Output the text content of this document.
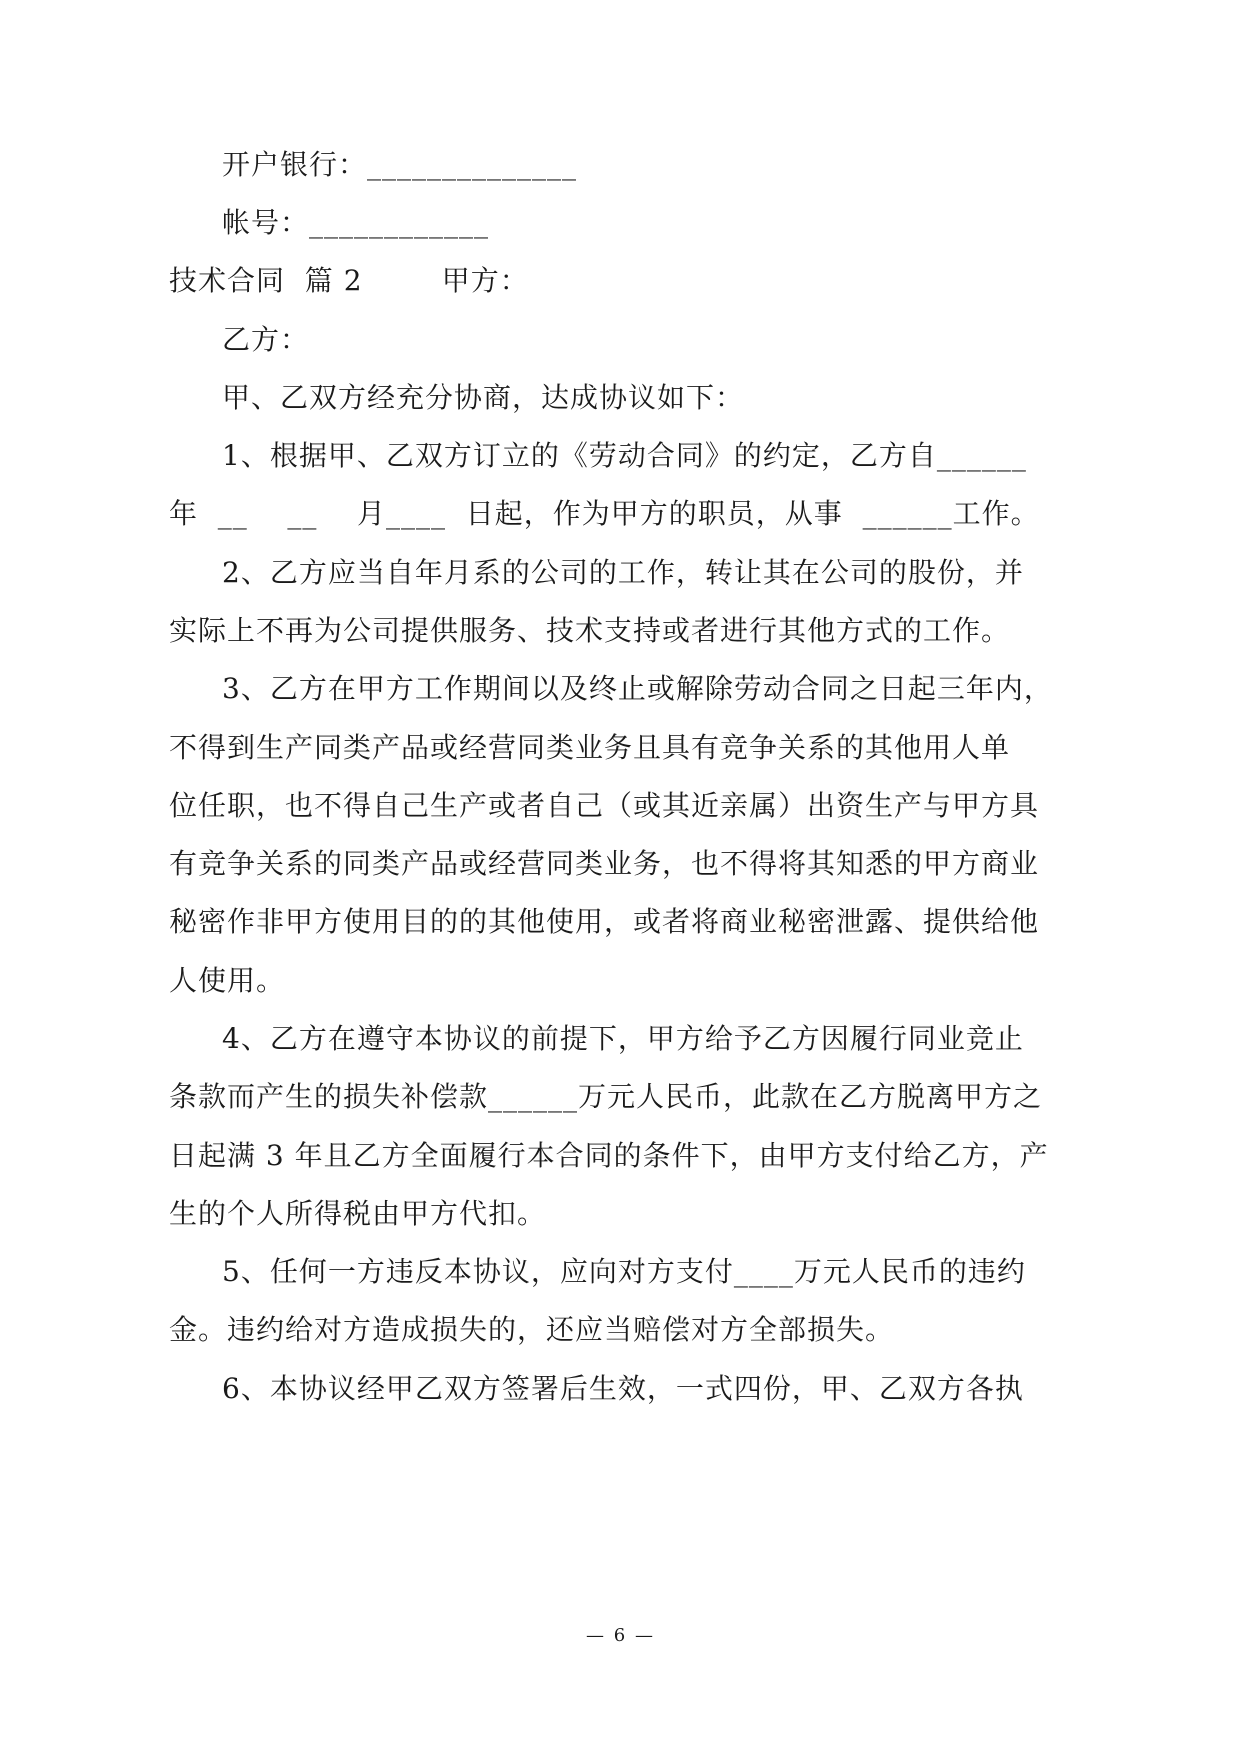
开户银行：______________
帐号：____________
技术合同  篇 2        甲方：
乙方：
甲、乙双方经充分协商，达成协议如下：
1、根据甲、乙双方订立的《劳动合同》的约定，乙方自______
年  __    __    月____  日起，作为甲方的职员，从事  ______工作。
2、乙方应当自年月系的公司的工作，转让其在公司的股份，并
实际上不再为公司提供服务、技术支持或者进行其他方式的工作。
3、乙方在甲方工作期间以及终止或解除劳动合同之日起三年内，
不得到生产同类产品或经营同类业务且具有竞争关系的其他用人单
位任职，也不得自己生产或者自己（或其近亲属）出资生产与甲方具
有竞争关系的同类产品或经营同类业务，也不得将其知悉的甲方商业
秘密作非甲方使用目的的其他使用，或者将商业秘密泄露、提供给他
人使用。
4、乙方在遵守本协议的前提下，甲方给予乙方因履行同业竞止
条款而产生的损失补偿款______万元人民币，此款在乙方脱离甲方之
日起满 3 年且乙方全面履行本合同的条件下，由甲方支付给乙方，产
生的个人所得税由甲方代扣。
5、任何一方违反本协议，应向对方支付____万元人民币的违约
金。违约给对方造成损失的，还应当赔偿对方全部损失。
6、本协议经甲乙双方签署后生效，一式四份，甲、乙双方各执
— 6 —
